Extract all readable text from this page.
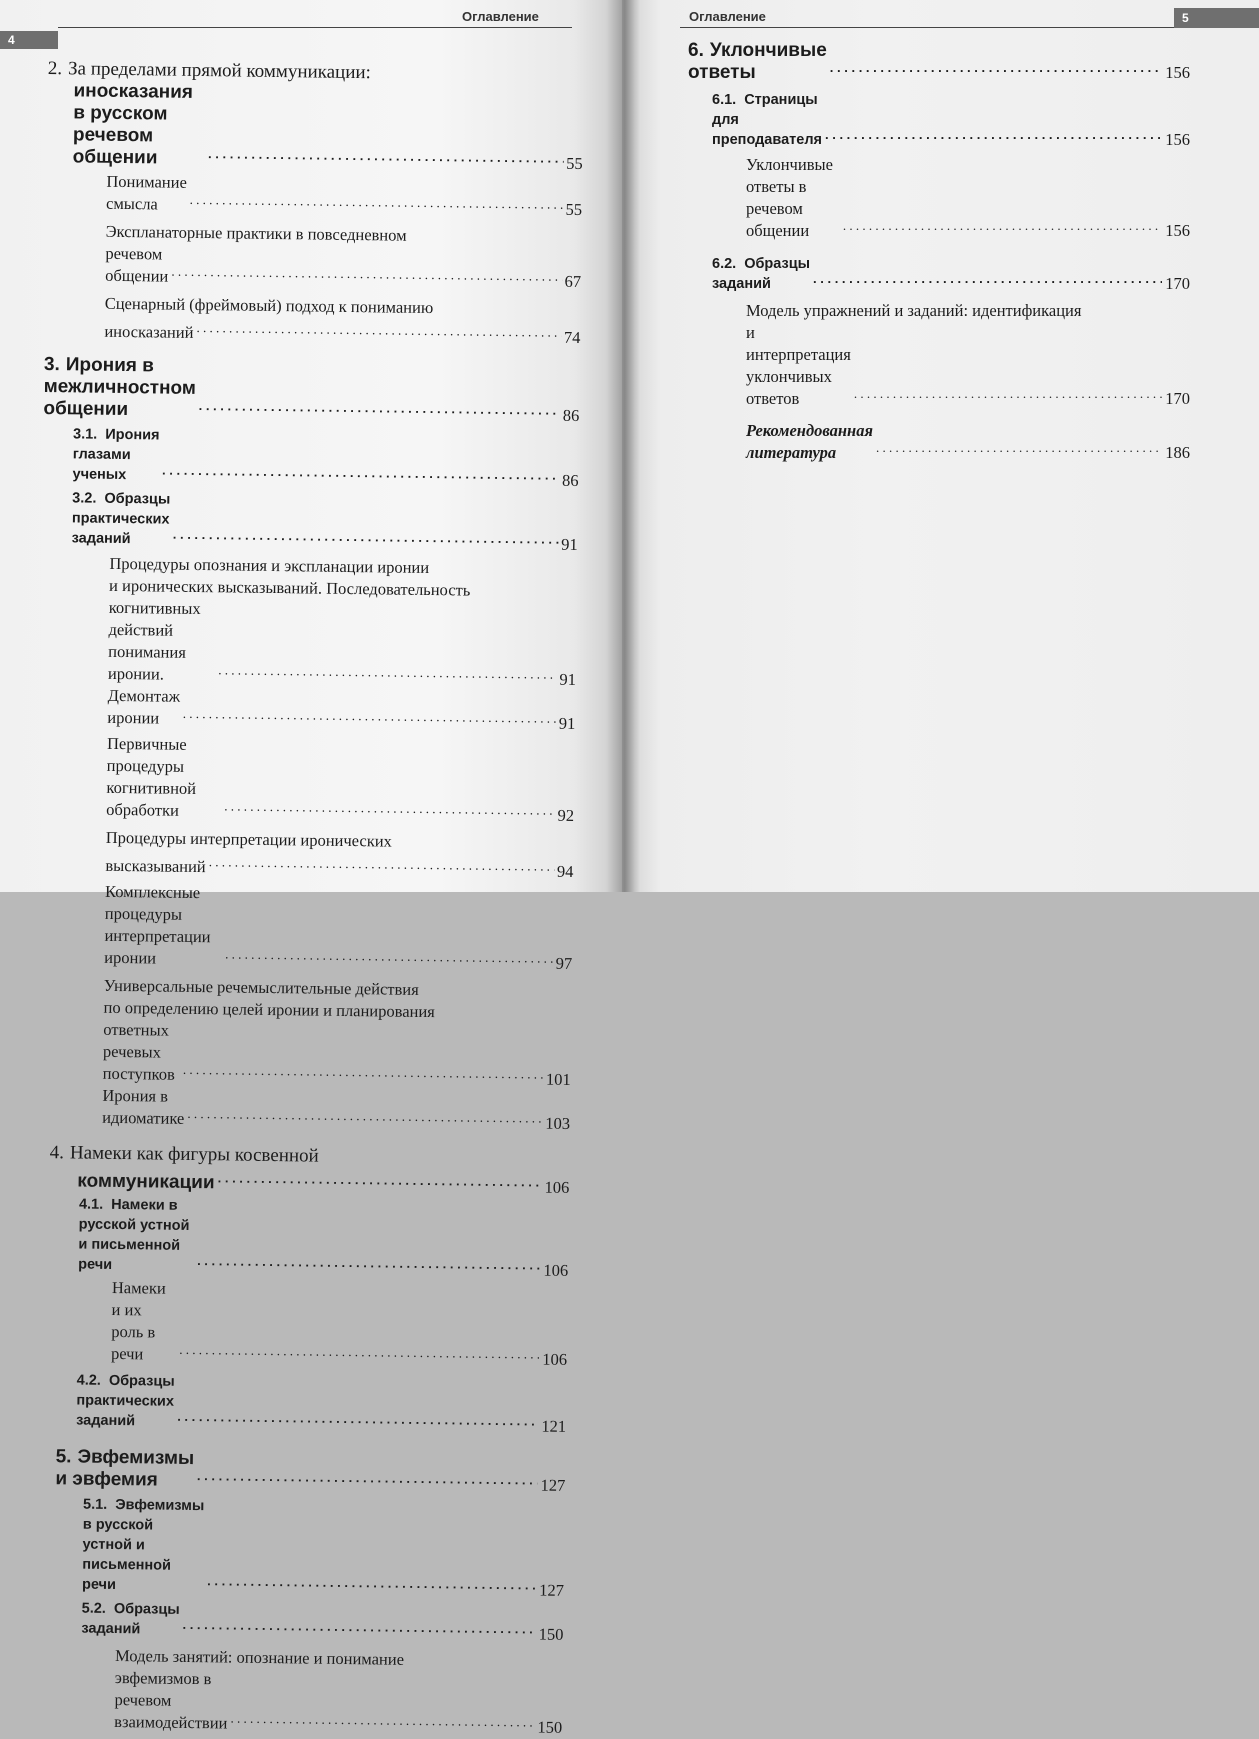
Оглавление
4
Оглавление	5
2. За пределами прямой коммуникации:
иносказания в русском речевом общении . . .	55
Понимание смысла . . .	55
Экспланаторные практики в повседневном
речевом общении . . .	67
Сценарный (фреймовый) подход к пониманию
иносказаний . . .	74
3. Ирония в межличностном общении . . .	86
3.1. Ирония глазами ученых . . .	86
3.2. Образцы практических заданий . . .	91
Процедуры опознания и экспланации иронии
и иронических высказываний. Последовательность
когнитивных действий понимания иронии. . . .	91
Демонтаж иронии . . .	91
Первичные процедуры когнитивной обработки . . .	92
Процедуры интерпретации иронических
высказываний . . .	94
Комплексные процедуры интерпретации иронии . . .	97
Универсальные речемыслительные действия
по определению целей иронии и планирования
ответных речевых поступков . . .	101
Ирония в идиоматике . . .	103
4. Намеки как фигуры косвенной
коммуникации . . .	106
4.1. Намеки в русской устной и письменной речи . . .	106
Намеки и их роль в речи . . .	106
4.2. Образцы практических заданий . . .	121
5. Эвфемизмы и эвфемия . . .	127
5.1. Эвфемизмы в русской устной и письменной речи . . .	127
5.2. Образцы заданий . . .	150
Модель занятий: опознание и понимание
эвфемизмов в речевом взаимодействии . . .	150
6. Уклончивые ответы . . .	156
6.1. Страницы для преподавателя . . .	156
Уклончивые ответы в речевом общении . . .	156
6.2. Образцы заданий . . .	170
Модель упражнений и заданий: идентификация
и интерпретация уклончивых ответов . . .	170
Рекомендованная литература . . .	186
